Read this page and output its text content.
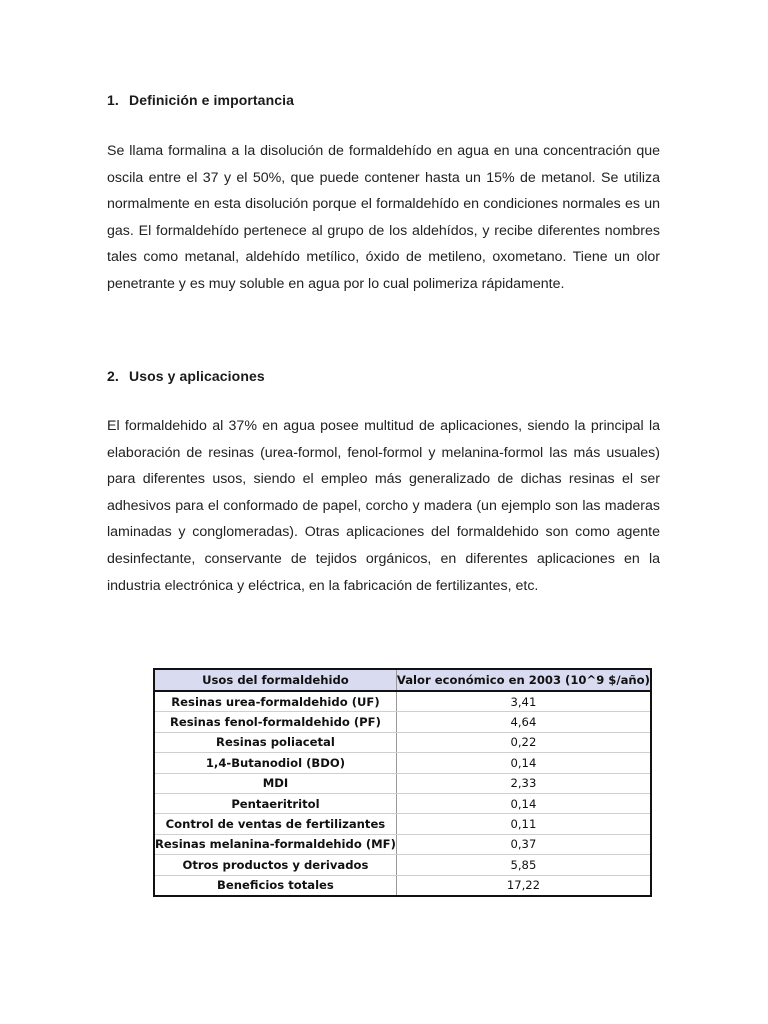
1. Definición e importancia
Se llama formalina a la disolución de formaldehído en agua en una concentración que oscila entre el 37 y el 50%, que puede contener hasta un 15% de metanol. Se utiliza normalmente en esta disolución porque el formaldehído en condiciones normales es un gas. El formaldehído pertenece al grupo de los aldehídos, y recibe diferentes nombres tales como metanal, aldehído metílico, óxido de metileno, oxometano. Tiene un olor penetrante y es muy soluble en agua por lo cual polimeriza rápidamente.
2. Usos y aplicaciones
El formaldehido al 37% en agua posee multitud de aplicaciones, siendo la principal la elaboración de resinas (urea-formol, fenol-formol y melanina-formol las más usuales) para diferentes usos, siendo el empleo más generalizado de dichas resinas el ser adhesivos para el conformado de papel, corcho y madera (un ejemplo son las maderas laminadas y conglomeradas). Otras aplicaciones del formaldehido son como agente desinfectante, conservante de tejidos orgánicos, en diferentes aplicaciones en la industria electrónica y eléctrica, en la fabricación de fertilizantes, etc.
Usos del formaldehido	Valor económico en 2003 (10^9 $/año)
Resinas urea-formaldehido (UF)	3,41
Resinas fenol-formaldehido (PF)	4,64
Resinas poliacetal	0,22
1,4-Butanodiol (BDO)	0,14
MDI	2,33
Pentaeritritol	0,14
Control de ventas de fertilizantes	0,11
Resinas melanina-formaldehido (MF)	0,37
Otros productos y derivados	5,85
Beneficios totales	17,22
